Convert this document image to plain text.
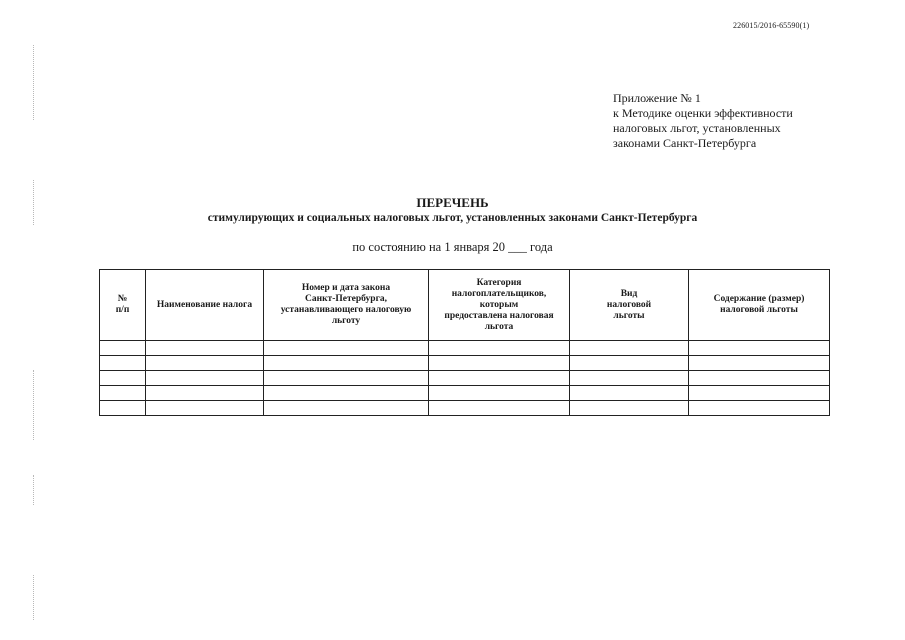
226015/2016-65590(1)
Приложение № 1
к Методике оценки эффективности
налоговых льгот, установленных
законами Санкт-Петербурга
ПЕРЕЧЕНЬ
стимулирующих и социальных налоговых льгот, установленных законами Санкт-Петербурга
по состоянию на 1 января 20 ___ года
№
п/п	Наименование налога	Номер и дата закона
Санкт-Петербурга,
устанавливающего налоговую
льготу	Категория
налогоплательщиков,
которым
предоставлена налоговая
льгота	Вид
налоговой
льготы	Содержание (размер)
налоговой льготы
